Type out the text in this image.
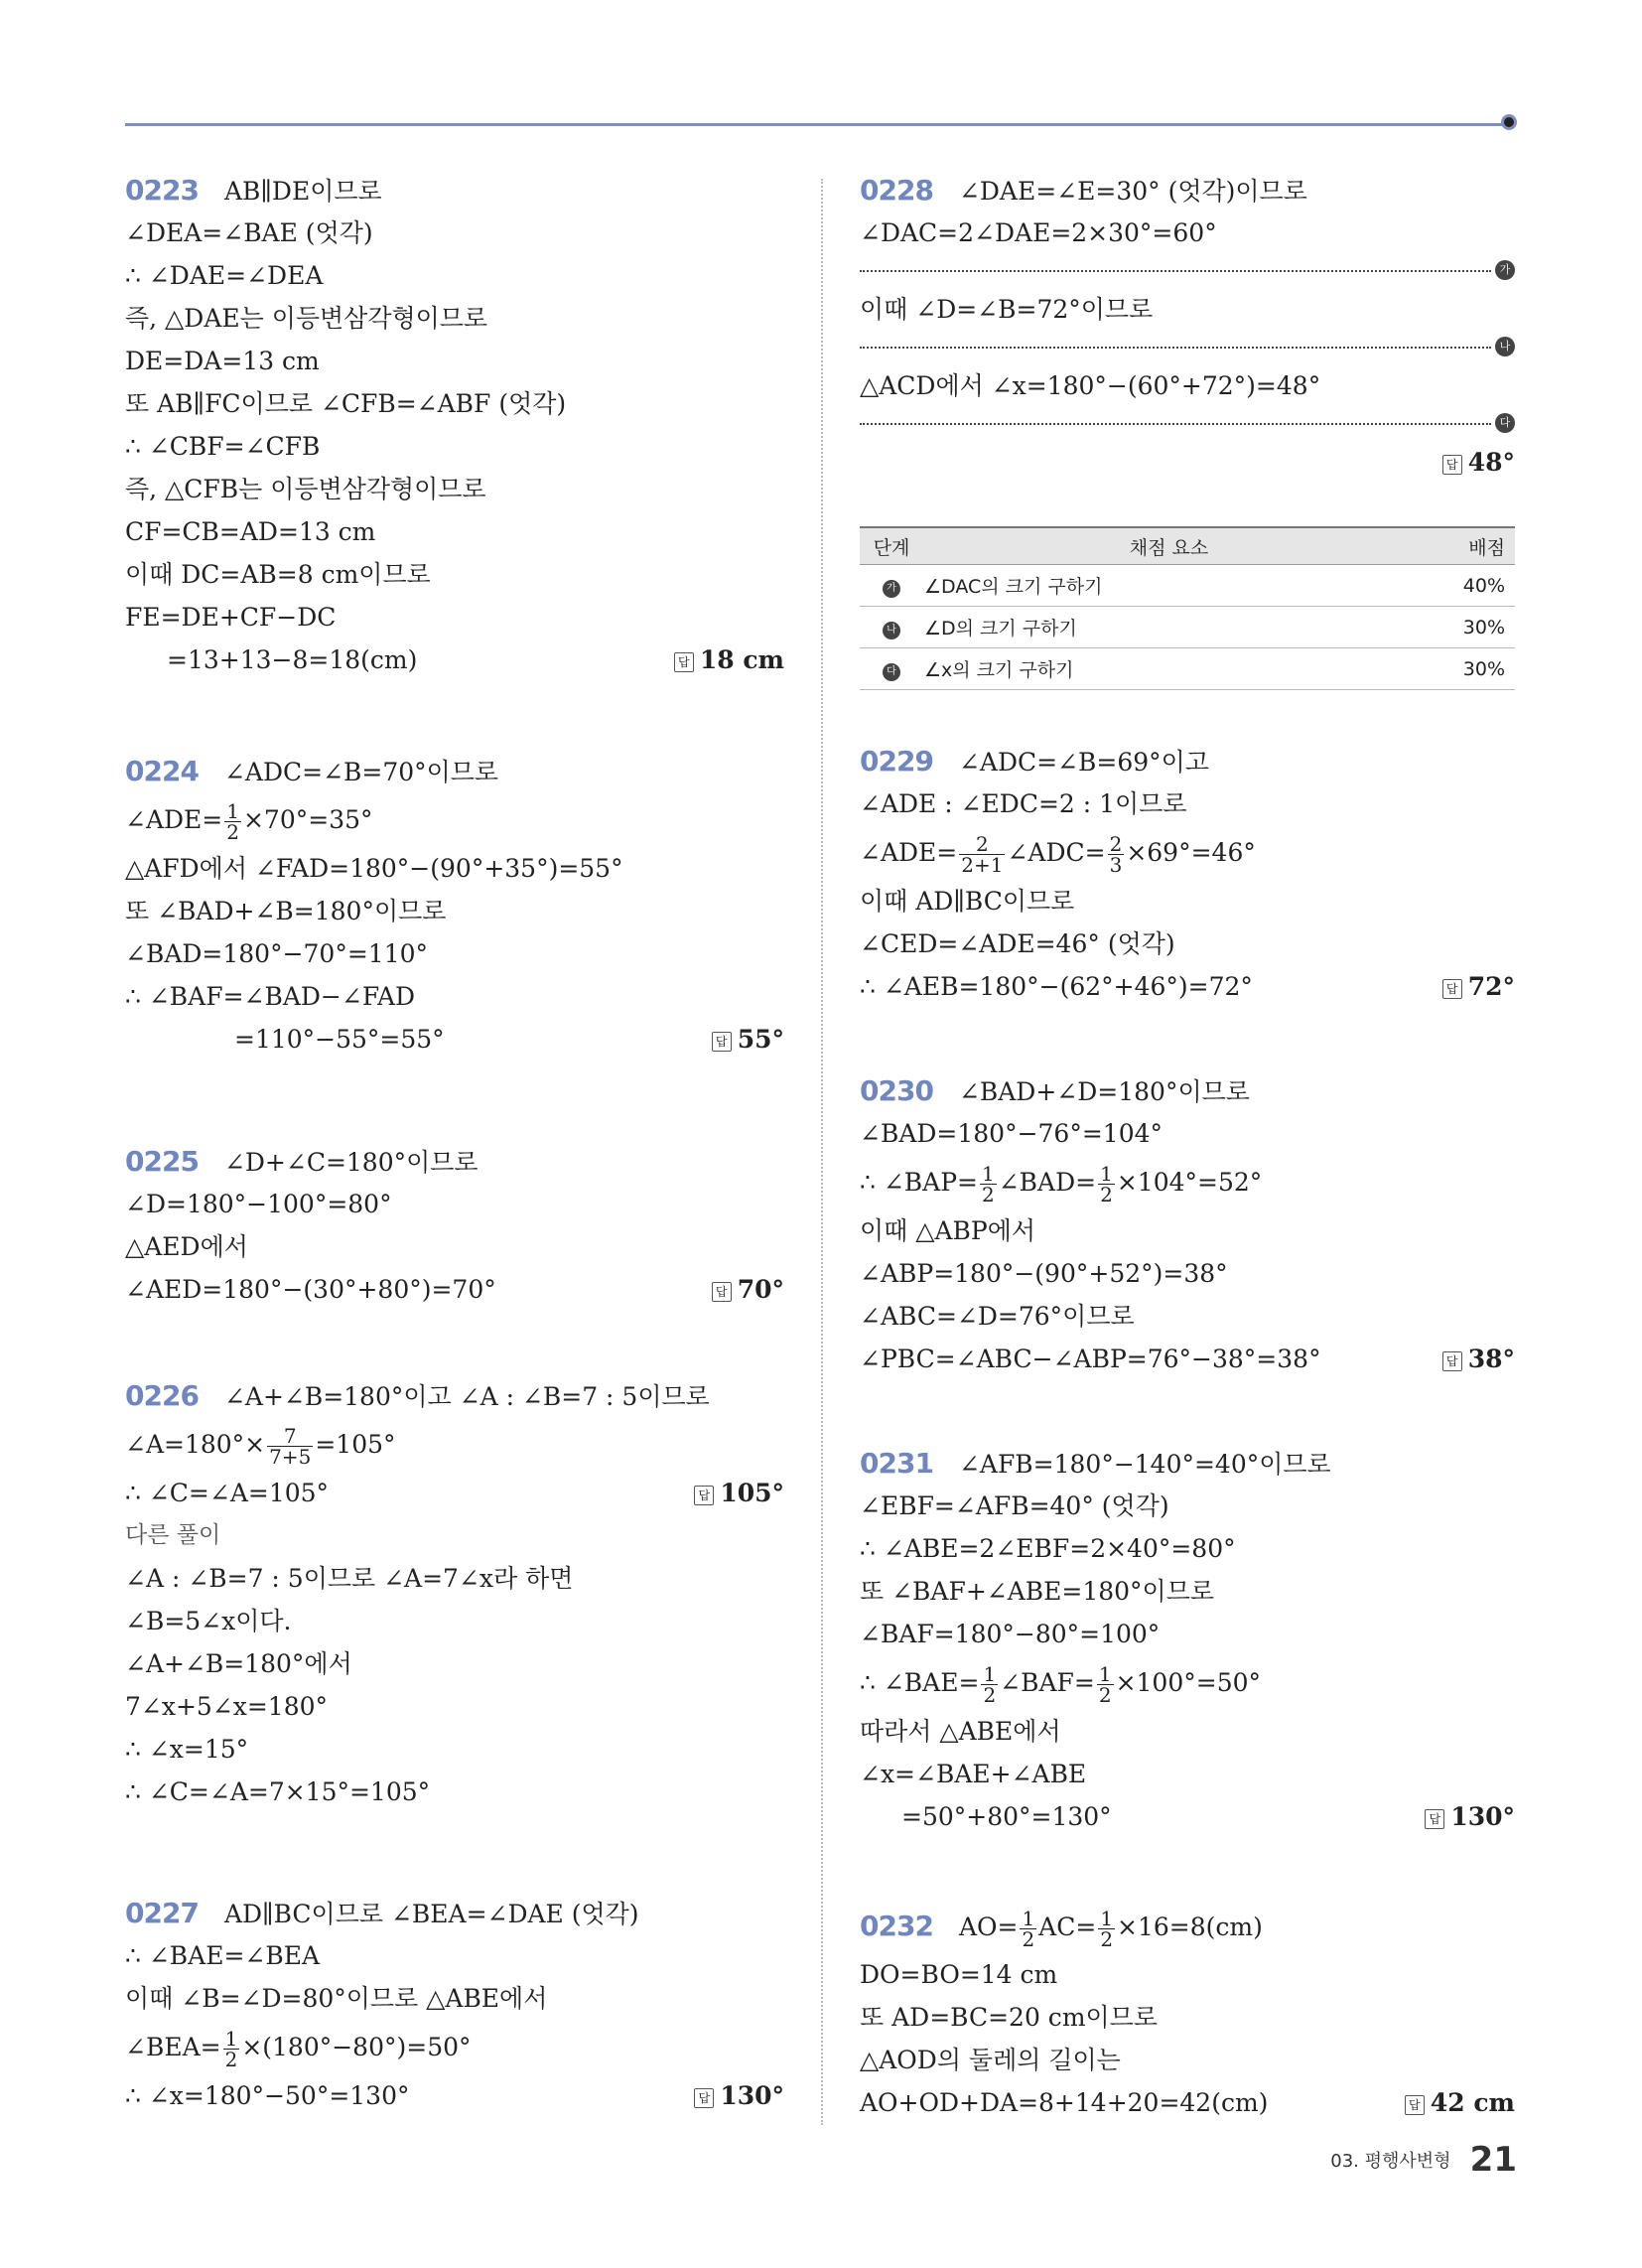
0223 AB∥DE이므로
∠DEA=∠BAE (엇각)
∴ ∠DAE=∠DEA
즉, △DAE는 이등변삼각형이므로
DE=DA=13 cm
또 AB∥FC이므로 ∠CFB=∠ABF (엇각)
∴ ∠CBF=∠CFB
즉, △CFB는 이등변삼각형이므로
CF=CB=AD=13 cm
이때 DC=AB=8 cm이므로
FE=DE+CF−DC
=13+13−8=18(cm)	답 18 cm
0224 ∠ADC=∠B=70°이므로
∠ADE= $\frac{1}{2} \times 70^\circ=35^\circ$
△AFD에서 ∠FAD=180°−(90°+35°)=55°
또 ∠BAD+∠B=180°이므로
∠BAD=180°−70°=110°
∴ ∠BAF=∠BAD−∠FAD
=110°−55°=55°	답 55°
0225 ∠D+∠C=180°이므로
∠D=180°−100°=80°
△AED에서
∠AED=180°−(30°+80°)=70°	답 70°
0226 ∠A+∠B=180°이고 ∠A : ∠B=7 : 5이므로
∠A=180°× $\frac{7}{7+5} =105^\circ$
∴ ∠C=∠A=105°	답 105°
다른 풀이
∠A : ∠B=7 : 5이므로 ∠A=7∠x라 하면
∠B=5∠x이다.
∠A+∠B=180°에서
7∠x+5∠x=180°
∴ ∠x=15°
∴ ∠C=∠A=7×15°=105°
0227 AD∥BC이므로 ∠BEA=∠DAE (엇각)
∴ ∠BAE=∠BEA
이때 ∠B=∠D=80°이므로 △ABE에서
∠BEA= $\frac{1}{2} \times(180^\circ-80^\circ)=50^\circ$
∴ ∠x=180°−50°=130°	답 130°
0228 ∠DAE=∠E=30° (엇각)이므로
∠DAC=2∠DAE=2×30°=60°
가
이때 ∠D=∠B=72°이므로
나
△ACD에서 ∠x=180°−(60°+72°)=48°
다
답 48°
단계	채점 요소	배점
가	∠DAC의 크기 구하기	40%
나	∠D의 크기 구하기	30%
다	∠x의 크기 구하기	30%
0229 ∠ADC=∠B=69°이고
∠ADE : ∠EDC=2 : 1이므로
∠ADE= $\frac{2}{2+1}$ ∠ADC= $\frac{2}{3} \times 69^\circ=46^\circ$
이때 AD∥BC이므로
∠CED=∠ADE=46° (엇각)
∴ ∠AEB=180°−(62°+46°)=72°	답 72°
0230 ∠BAD+∠D=180°이므로
∠BAD=180°−76°=104°
∴ ∠BAP= $\frac{1}{2}$ ∠BAD= $\frac{1}{2} \times 104^\circ=52^\circ$
이때 △ABP에서
∠ABP=180°−(90°+52°)=38°
∠ABC=∠D=76°이므로
∠PBC=∠ABC−∠ABP=76°−38°=38°	답 38°
0231 ∠AFB=180°−140°=40°이므로
∠EBF=∠AFB=40° (엇각)
∴ ∠ABE=2∠EBF=2×40°=80°
또 ∠BAF+∠ABE=180°이므로
∠BAF=180°−80°=100°
∴ ∠BAE= $\frac{1}{2}$ ∠BAF= $\frac{1}{2} \times 100^\circ=50^\circ$
따라서 △ABE에서
∠x=∠BAE+∠ABE
=50°+80°=130°	답 130°
0232 $AO= \frac{1}{2} AC= \frac{1}{2} \times 16=8(cm)$
DO=BO=14 cm
또 AD=BC=20 cm이므로
△AOD의 둘레의 길이는
AO+OD+DA=8+14+20=42(cm)	답 42 cm
03. 평행사변형 21
